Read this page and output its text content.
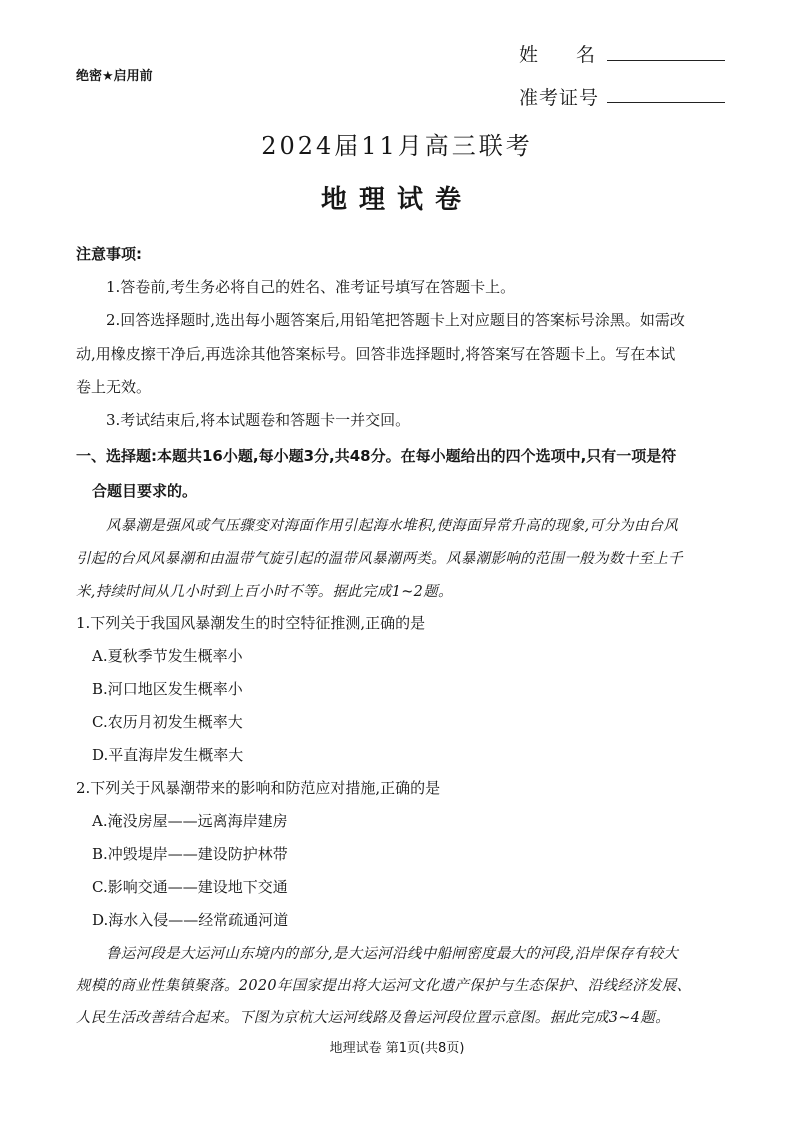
绝密★启用前
姓名
准考证号
2024届11月高三联考
地理试卷
注意事项:
1.答卷前,考生务必将自己的姓名、准考证号填写在答题卡上。
2.回答选择题时,选出每小题答案后,用铅笔把答题卡上对应题目的答案标号涂黑。如需改
动,用橡皮擦干净后,再选涂其他答案标号。回答非选择题时,将答案写在答题卡上。写在本试
卷上无效。
3.考试结束后,将本试题卷和答题卡一并交回。
一、选择题:本题共16小题,每小题3分,共48分。在每小题给出的四个选项中,只有一项是符
合题目要求的。
风暴潮是强风或气压骤变对海面作用引起海水堆积,使海面异常升高的现象,可分为由台风
引起的台风风暴潮和由温带气旋引起的温带风暴潮两类。风暴潮影响的范围一般为数十至上千
米,持续时间从几小时到上百小时不等。据此完成1~2题。
1.下列关于我国风暴潮发生的时空特征推测,正确的是
A.夏秋季节发生概率小
B.河口地区发生概率小
C.农历月初发生概率大
D.平直海岸发生概率大
2.下列关于风暴潮带来的影响和防范应对措施,正确的是
A.淹没房屋——远离海岸建房
B.冲毁堤岸——建设防护林带
C.影响交通——建设地下交通
D.海水入侵——经常疏通河道
鲁运河段是大运河山东境内的部分,是大运河沿线中船闸密度最大的河段,沿岸保存有较大
规模的商业性集镇聚落。2020年国家提出将大运河文化遗产保护与生态保护、沿线经济发展、
人民生活改善结合起来。下图为京杭大运河线路及鲁运河段位置示意图。据此完成3~4题。
地理试卷 第1页(共8页)
